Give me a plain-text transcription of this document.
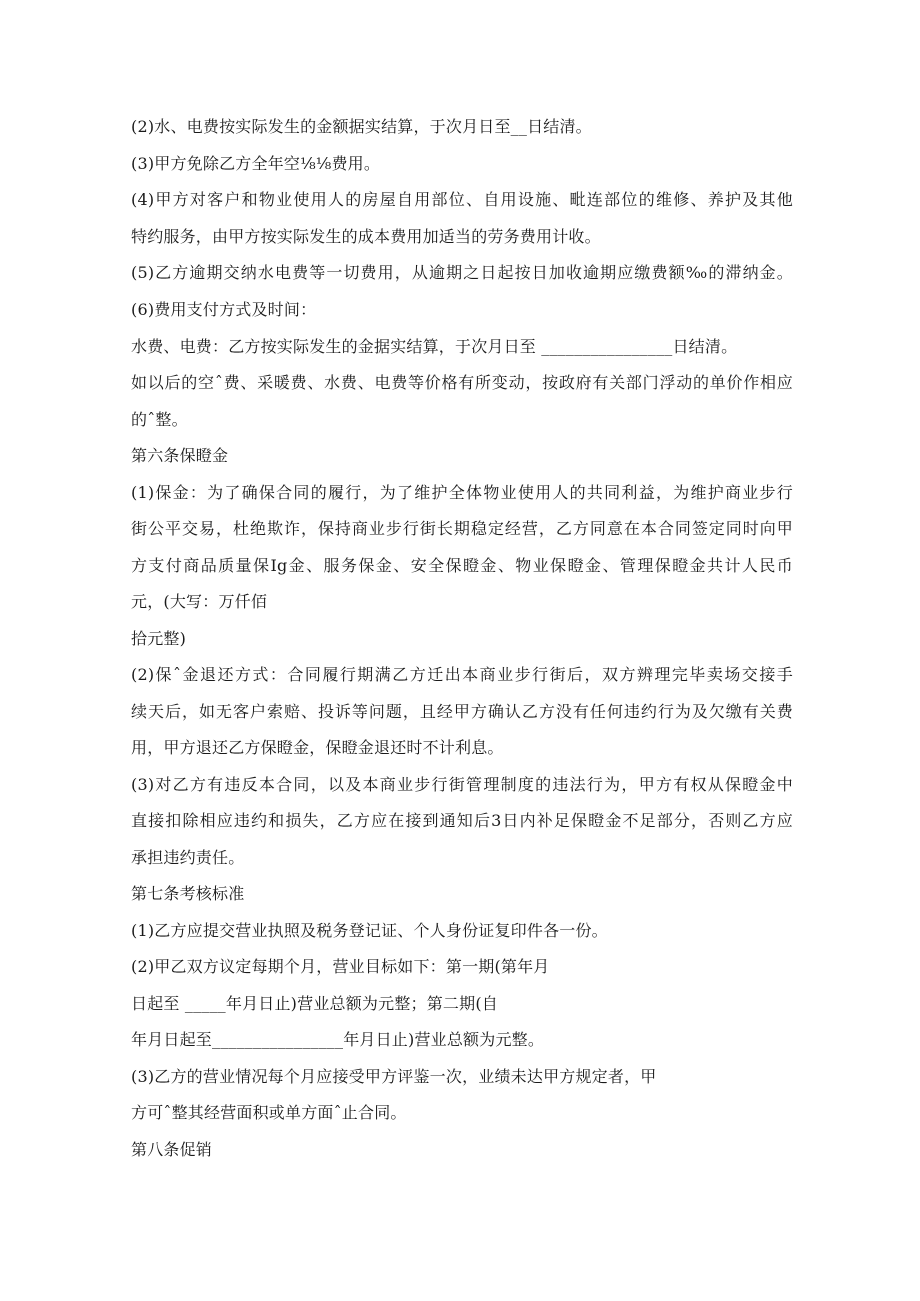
(2)水、电费按实际发生的金额据实结算，于次月日至__日结清。
(3)甲方免除乙方全年空⅛⅛费用。
(4)甲方对客户和物业使用人的房屋自用部位、自用设施、毗连部位的维修、养护及其他
特约服务，由甲方按实际发生的成本费用加适当的劳务费用计收。
(5)乙方逾期交纳水电费等一切费用，从逾期之日起按日加收逾期应缴费额‰的滞纳金。
(6)费用支付方式及时间：
水费、电费：乙方按实际发生的金据实结算，于次月日至 ________________日结清。
如以后的空ˆ费、采暖费、水费、电费等价格有所变动，按政府有关部门浮动的单价作相应
的ˆ整。
第六条保瞪金
(1)保金：为了确保合同的履行，为了维护全体物业使用人的共同利益，为维护商业步行
街公平交易，杜绝欺诈，保持商业步行街长期稳定经营，乙方同意在本合同签定同时向甲
方支付商品质量保Ig金、服务保金、安全保瞪金、物业保瞪金、管理保瞪金共计人民币
元，(大写：万仟佰
拾元整)
(2)保ˆ金退还方式：合同履行期满乙方迁出本商业步行街后，双方辨理完毕卖场交接手
续天后，如无客户索赔、投诉等问题，且经甲方确认乙方没有任何违约行为及欠缴有关费
用，甲方退还乙方保瞪金，保瞪金退还时不计利息。
(3)对乙方有违反本合同，以及本商业步行街管理制度的违法行为，甲方有权从保瞪金中
直接扣除相应违约和损失，乙方应在接到通知后3日内补足保瞪金不足部分，否则乙方应
承担违约责任。
第七条考核标准
(1)乙方应提交营业执照及税务登记证、个人身份证复印件各一份。
(2)甲乙双方议定每期个月，营业目标如下：第一期(第年月
日起至 _____年月日止)营业总额为元整；第二期(自
年月日起至________________年月日止)营业总额为元整。
(3)乙方的营业情况每个月应接受甲方评鉴一次，业绩未达甲方规定者，甲
方可ˆ整其经营面积或单方面ˆ止合同。
第八条促销
